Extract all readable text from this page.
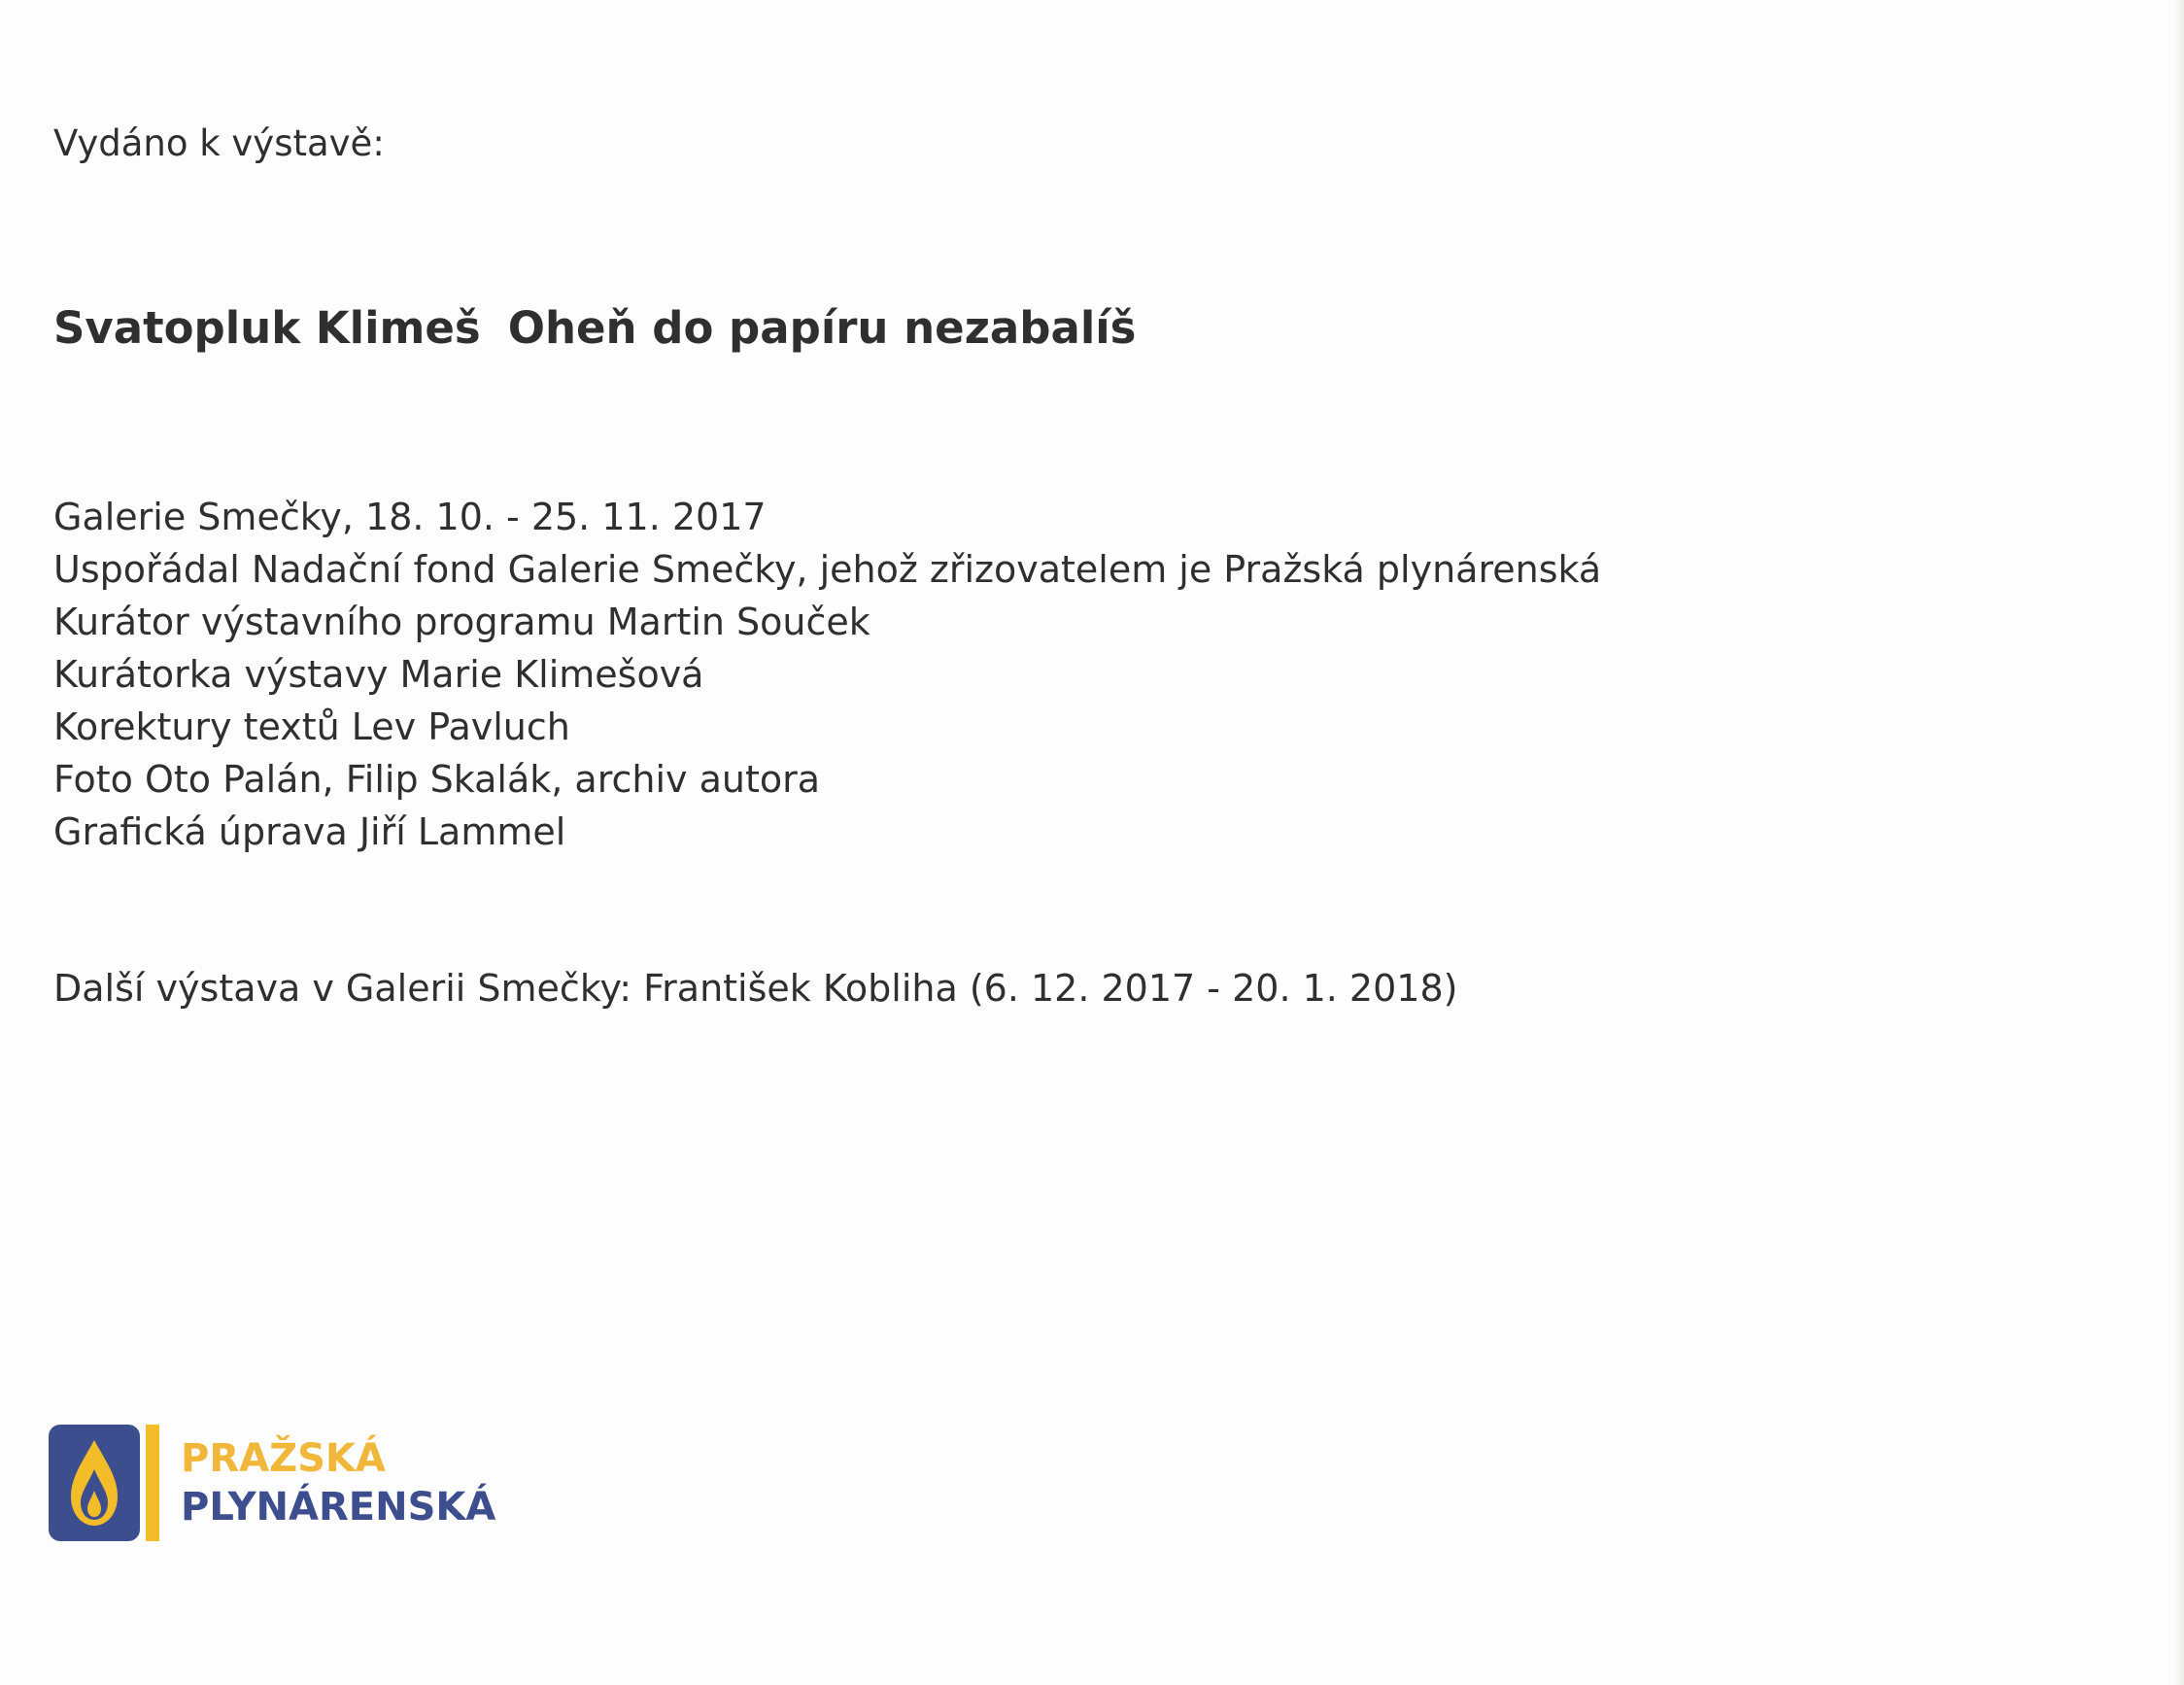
Vydáno k výstavě:

Svatopluk Klimeš Oheň do papíru nezabalíš
Galerie Smečky, 18. 10. - 25. 11. 2017
Uspořádal Nadační fond Galerie Smečky, jehož zřizovatelem je Pražská plynárenská
Kurátor výstavního programu Martin Souček
Kurátorka výstavy Marie Klimešová
Korektury textů Lev Pavluch
Foto Oto Palán, Filip Skalák, archiv autora
Grafická úprava Jiří Lammel

Další výstava v Galerii Smečky: František Kobliha (6. 12. 2017 - 20. 1. 2018)

PRAŽSKÁ
PLYNÁRENSKÁ
